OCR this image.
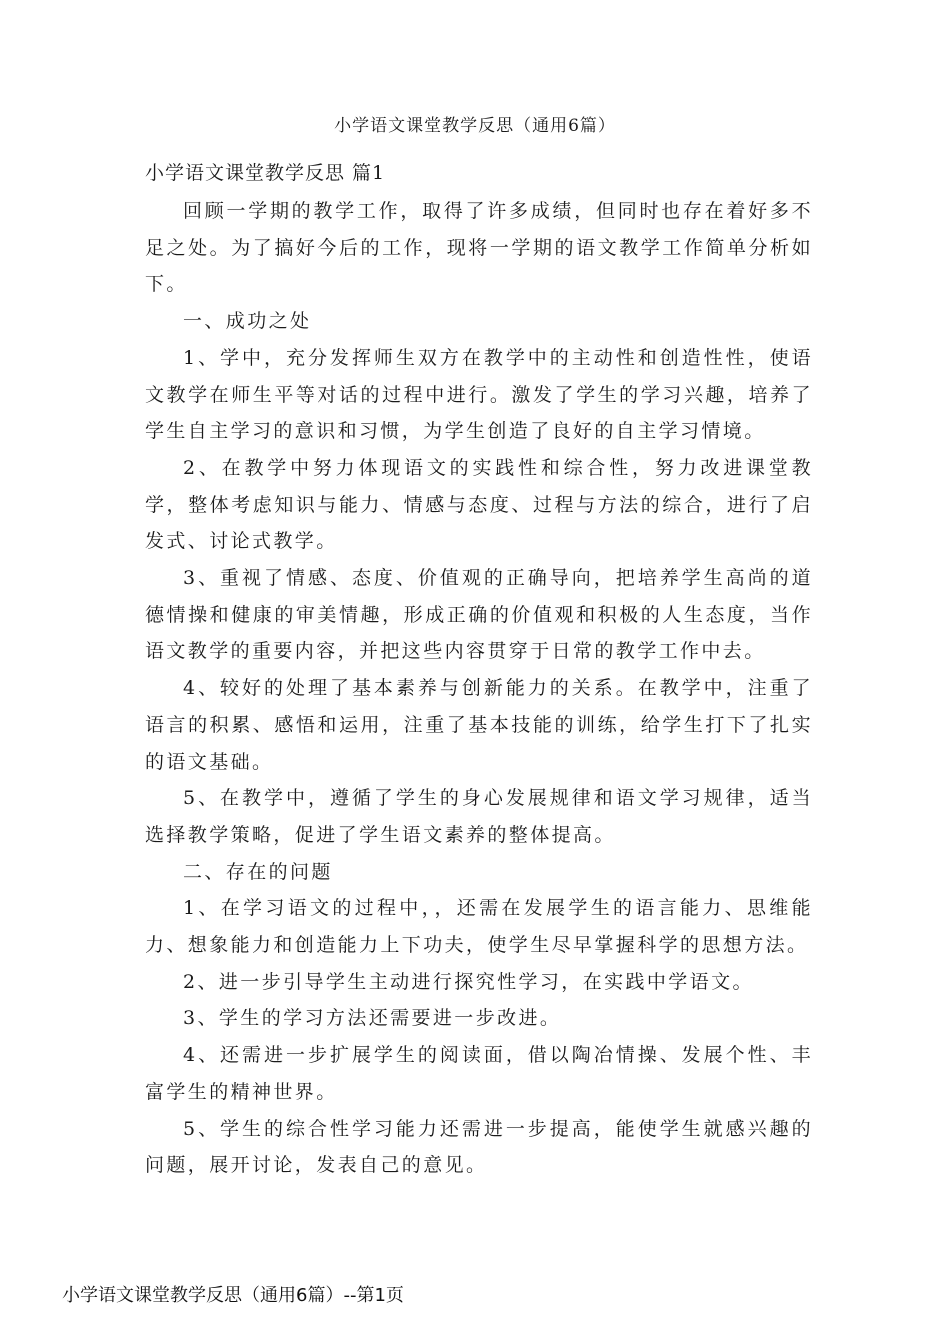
小学语文课堂教学反思（通用6篇）
小学语文课堂教学反思 篇1

回顾一学期的教学工作，取得了许多成绩，但同时也存在着好多不足之处。为了搞好今后的工作，现将一学期的语文教学工作简单分析如下。

一、成功之处

1、学中，充分发挥师生双方在教学中的主动性和创造性性，使语文教学在师生平等对话的过程中进行。激发了学生的学习兴趣，培养了学生自主学习的意识和习惯，为学生创造了良好的自主学习情境。

2、在教学中努力体现语文的实践性和综合性，努力改进课堂教学，整体考虑知识与能力、情感与态度、过程与方法的综合，进行了启发式、讨论式教学。

3、重视了情感、态度、价值观的正确导向，把培养学生高尚的道德情操和健康的审美情趣，形成正确的价值观和积极的人生态度，当作语文教学的重要内容，并把这些内容贯穿于日常的教学工作中去。

4、较好的处理了基本素养与创新能力的关系。在教学中，注重了语言的积累、感悟和运用，注重了基本技能的训练，给学生打下了扎实的语文基础。

5、在教学中，遵循了学生的身心发展规律和语文学习规律，适当选择教学策略，促进了学生语文素养的整体提高。

二、存在的问题

1、在学习语文的过程中，，还需在发展学生的语言能力、思维能力、想象能力和创造能力上下功夫，使学生尽早掌握科学的思想方法。

2、进一步引导学生主动进行探究性学习，在实践中学语文。

3、学生的学习方法还需要进一步改进。

4、还需进一步扩展学生的阅读面，借以陶冶情操、发展个性、丰富学生的精神世界。

5、学生的综合性学习能力还需进一步提高，能使学生就感兴趣的问题，展开讨论，发表自己的意见。

小学语文课堂教学反思（通用6篇）--第1页
